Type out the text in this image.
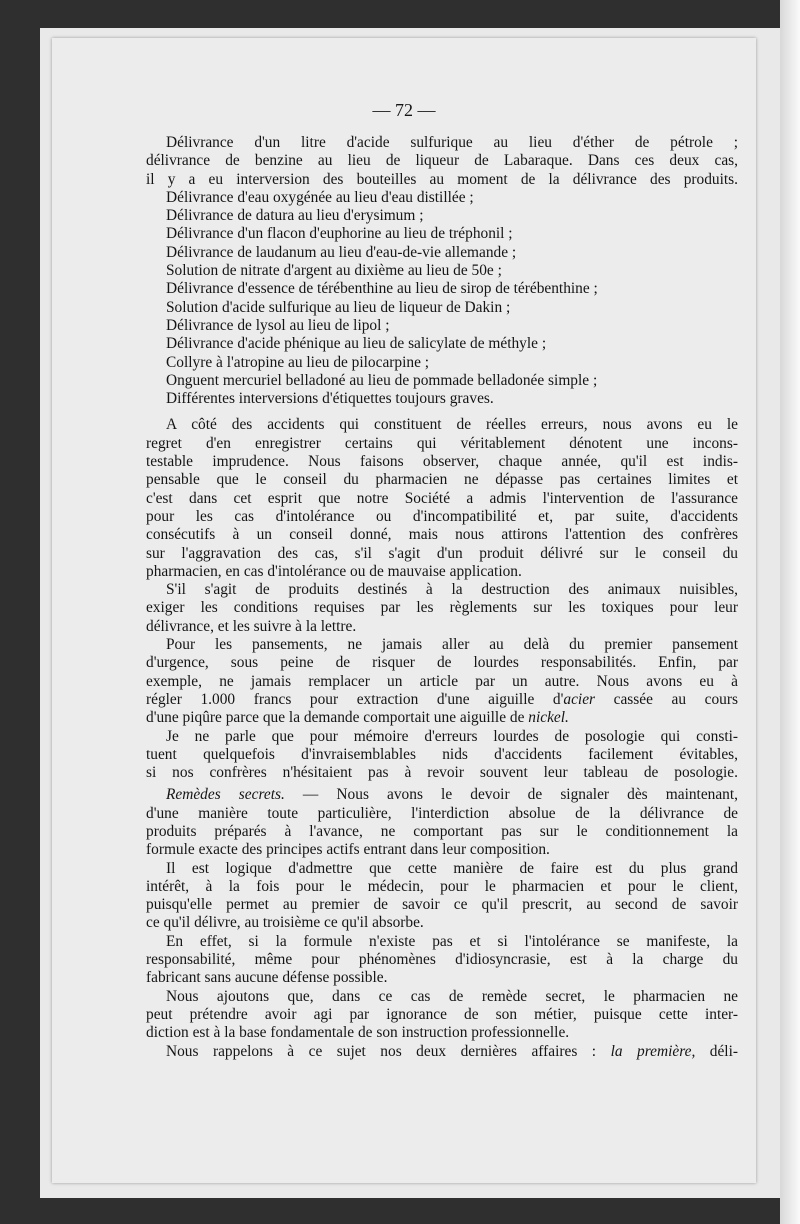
— 72 —
Délivrance d'un litre d'acide sulfurique au lieu d'éther de pétrole ;
délivrance de benzine au lieu de liqueur de Labaraque. Dans ces deux cas,
il y a eu interversion des bouteilles au moment de la délivrance des produits.
Délivrance d'eau oxygénée au lieu d'eau distillée ;
Délivrance de datura au lieu d'erysimum ;
Délivrance d'un flacon d'euphorine au lieu de tréphonil ;
Délivrance de laudanum au lieu d'eau-de-vie allemande ;
Solution de nitrate d'argent au dixième au lieu de 50e ;
Délivrance d'essence de térébenthine au lieu de sirop de térébenthine ;
Solution d'acide sulfurique au lieu de liqueur de Dakin ;
Délivrance de lysol au lieu de lipol ;
Délivrance d'acide phénique au lieu de salicylate de méthyle ;
Collyre à l'atropine au lieu de pilocarpine ;
Onguent mercuriel belladoné au lieu de pommade belladonée simple ;
Différentes interversions d'étiquettes toujours graves.
A côté des accidents qui constituent de réelles erreurs, nous avons eu le
regret d'en enregistrer certains qui véritablement dénotent une incons-
testable imprudence. Nous faisons observer, chaque année, qu'il est indis-
pensable que le conseil du pharmacien ne dépasse pas certaines limites et
c'est dans cet esprit que notre Société a admis l'intervention de l'assurance
pour les cas d'intolérance ou d'incompatibilité et, par suite, d'accidents
consécutifs à un conseil donné, mais nous attirons l'attention des confrères
sur l'aggravation des cas, s'il s'agit d'un produit délivré sur le conseil du
pharmacien, en cas d'intolérance ou de mauvaise application.
S'il s'agit de produits destinés à la destruction des animaux nuisibles,
exiger les conditions requises par les règlements sur les toxiques pour leur
délivrance, et les suivre à la lettre.
Pour les pansements, ne jamais aller au delà du premier pansement
d'urgence, sous peine de risquer de lourdes responsabilités. Enfin, par
exemple, ne jamais remplacer un article par un autre. Nous avons eu à
régler 1.000 francs pour extraction d'une aiguille d'acier cassée au cours
d'une piqûre parce que la demande comportait une aiguille de nickel.
Je ne parle que pour mémoire d'erreurs lourdes de posologie qui consti-
tuent quelquefois d'invraisemblables nids d'accidents facilement évitables,
si nos confrères n'hésitaient pas à revoir souvent leur tableau de posologie.
Remèdes secrets. — Nous avons le devoir de signaler dès maintenant,
d'une manière toute particulière, l'interdiction absolue de la délivrance de
produits préparés à l'avance, ne comportant pas sur le conditionnement la
formule exacte des principes actifs entrant dans leur composition.
Il est logique d'admettre que cette manière de faire est du plus grand
intérêt, à la fois pour le médecin, pour le pharmacien et pour le client,
puisqu'elle permet au premier de savoir ce qu'il prescrit, au second de savoir
ce qu'il délivre, au troisième ce qu'il absorbe.
En effet, si la formule n'existe pas et si l'intolérance se manifeste, la
responsabilité, même pour phénomènes d'idiosyncrasie, est à la charge du
fabricant sans aucune défense possible.
Nous ajoutons que, dans ce cas de remède secret, le pharmacien ne
peut prétendre avoir agi par ignorance de son métier, puisque cette inter-
diction est à la base fondamentale de son instruction professionnelle.
Nous rappelons à ce sujet nos deux dernières affaires : la première, déli-
